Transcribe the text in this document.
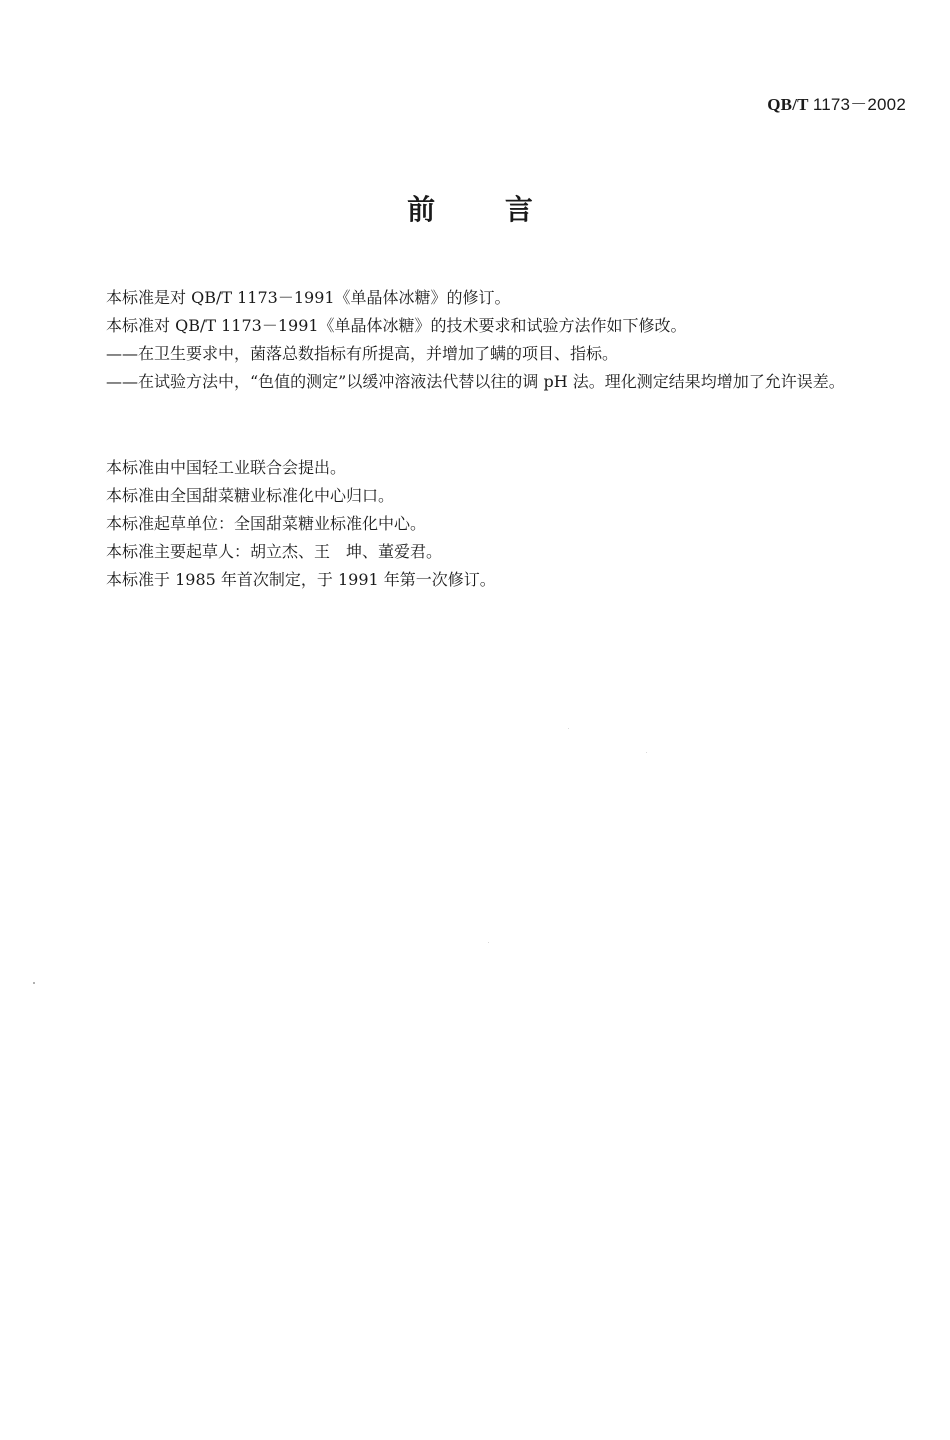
QB/T 1173－2002
前 言

本标准是对 QB/T 1173－1991《单晶体冰糖》的修订。

本标准对 QB/T 1173－1991《单晶体冰糖》的技术要求和试验方法作如下修改。

——在卫生要求中，菌落总数指标有所提高，并增加了螨的项目、指标。

——在试验方法中，“色值的测定”以缓冲溶液法代替以往的调 pH 法。理化测定结果均增加了允许误差。

本标准由中国轻工业联合会提出。

本标准由全国甜菜糖业标准化中心归口。

本标准起草单位：全国甜菜糖业标准化中心。

本标准主要起草人：胡立杰、王　坤、董爱君。

本标准于 1985 年首次制定，于 1991 年第一次修订。
